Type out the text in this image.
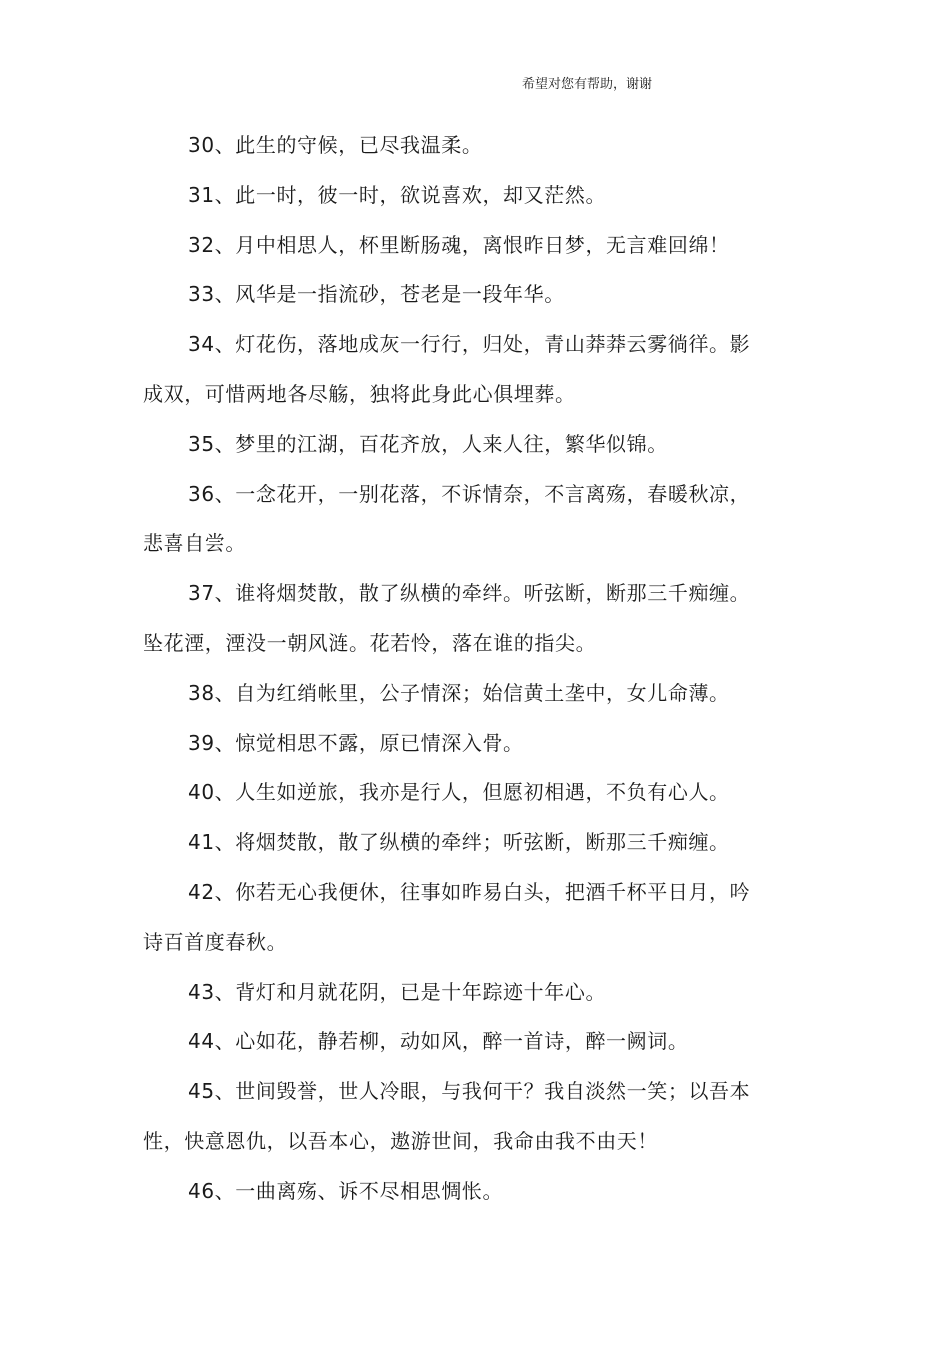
希望对您有帮助，谢谢

30、此生的守候，已尽我温柔。

31、此一时，彼一时，欲说喜欢，却又茫然。

32、月中相思人，杯里断肠魂，离恨昨日梦，无言难回绵！

33、风华是一指流砂，苍老是一段年华。

34、灯花伤，落地成灰一行行，归处，青山莽莽云雾徜徉。影成双，可惜两地各尽觞，独将此身此心俱埋葬。

35、梦里的江湖，百花齐放，人来人往，繁华似锦。

36、一念花开，一别花落，不诉情奈，不言离殇，春暖秋凉，悲喜自尝。

37、谁将烟焚散，散了纵横的牵绊。听弦断，断那三千痴缠。坠花湮，湮没一朝风涟。花若怜，落在谁的指尖。

38、自为红绡帐里，公子情深；始信黄土垄中，女儿命薄。

39、惊觉相思不露，原已情深入骨。

40、人生如逆旅，我亦是行人，但愿初相遇，不负有心人。

41、将烟焚散，散了纵横的牵绊；听弦断，断那三千痴缠。

42、你若无心我便休，往事如昨易白头，把酒千杯平日月，吟诗百首度春秋。

43、背灯和月就花阴，已是十年踪迹十年心。

44、心如花，静若柳，动如风，醉一首诗，醉一阙词。

45、世间毁誉，世人冷眼，与我何干？我自淡然一笑；以吾本性，快意恩仇，以吾本心，遨游世间，我命由我不由天！

46、一曲离殇、诉不尽相思惆怅。
